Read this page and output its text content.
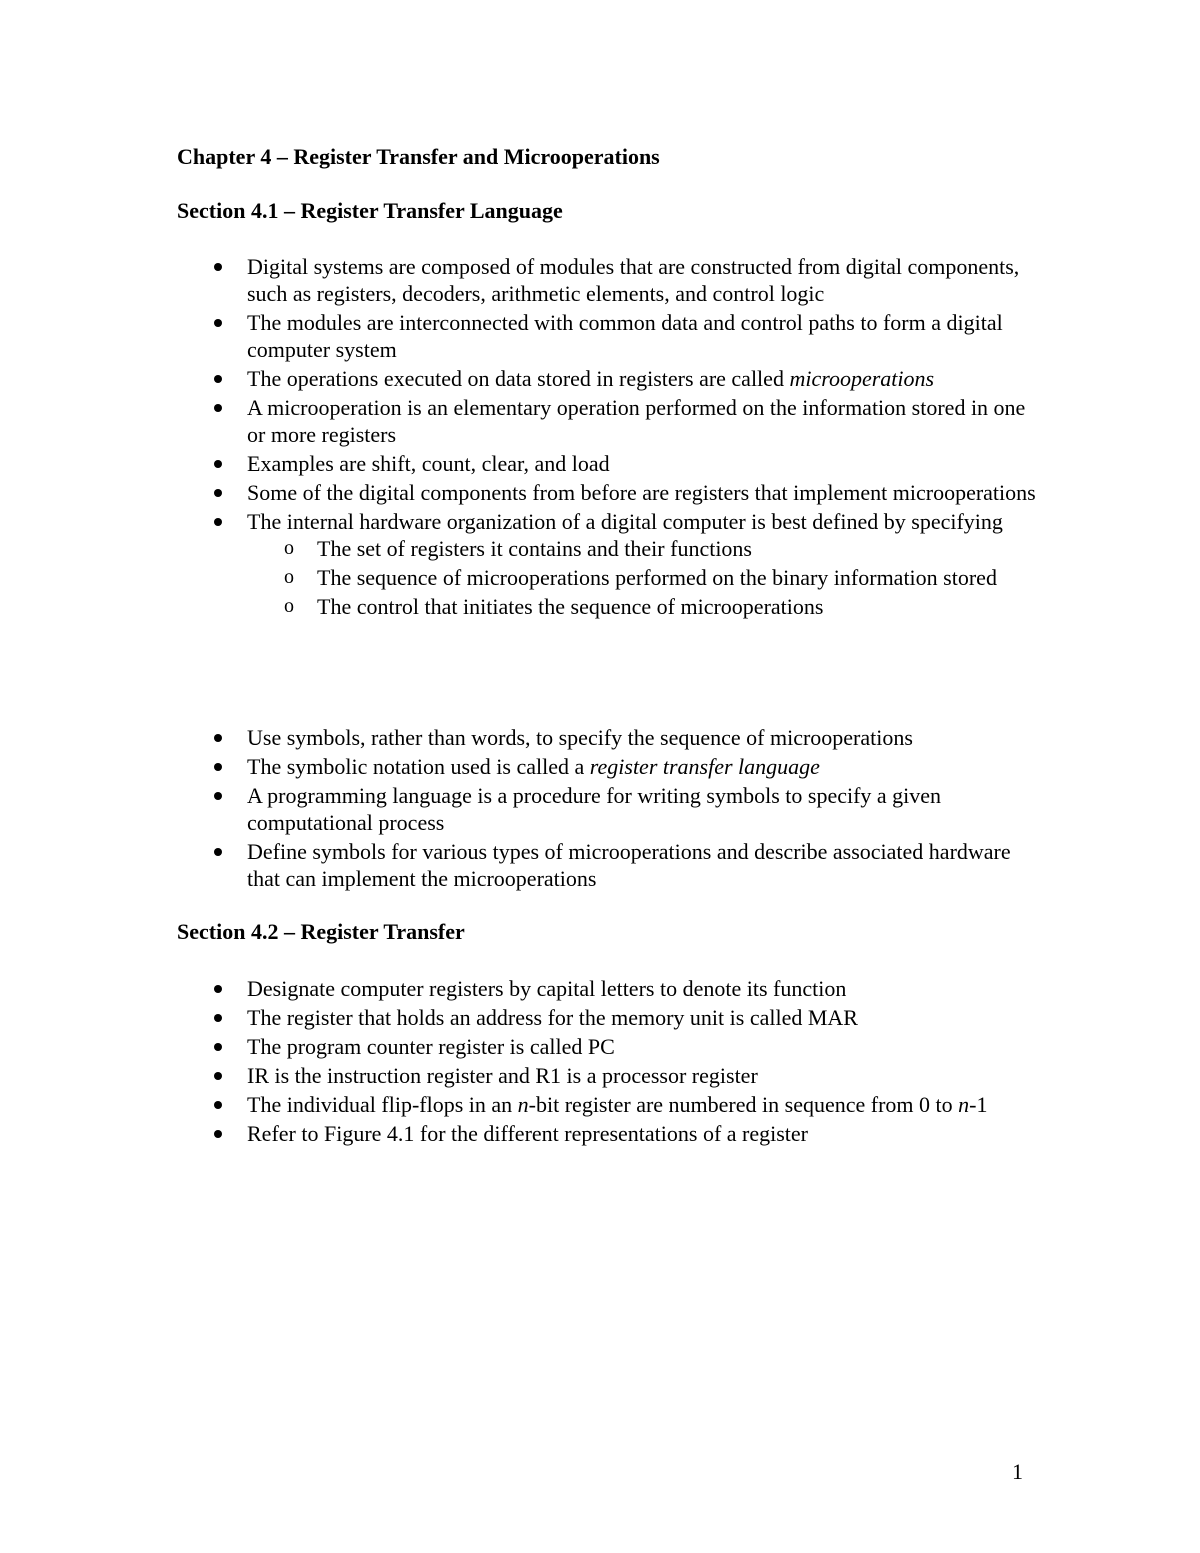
Chapter 4 – Register Transfer and Microoperations
Section 4.1 – Register Transfer Language
Digital systems are composed of modules that are constructed from digital components, such as registers, decoders, arithmetic elements, and control logic
The modules are interconnected with common data and control paths to form a digital computer system
The operations executed on data stored in registers are called microoperations
A microoperation is an elementary operation performed on the information stored in one or more registers
Examples are shift, count, clear, and load
Some of the digital components from before are registers that implement microoperations
The internal hardware organization of a digital computer is best defined by specifying
o The set of registers it contains and their functions
o The sequence of microoperations performed on the binary information stored
o The control that initiates the sequence of microoperations
Use symbols, rather than words, to specify the sequence of microoperations
The symbolic notation used is called a register transfer language
A programming language is a procedure for writing symbols to specify a given computational process
Define symbols for various types of microoperations and describe associated hardware that can implement the microoperations
Section 4.2 – Register Transfer
Designate computer registers by capital letters to denote its function
The register that holds an address for the memory unit is called MAR
The program counter register is called PC
IR is the instruction register and R1 is a processor register
The individual flip-flops in an n-bit register are numbered in sequence from 0 to n-1
Refer to Figure 4.1 for the different representations of a register
1
